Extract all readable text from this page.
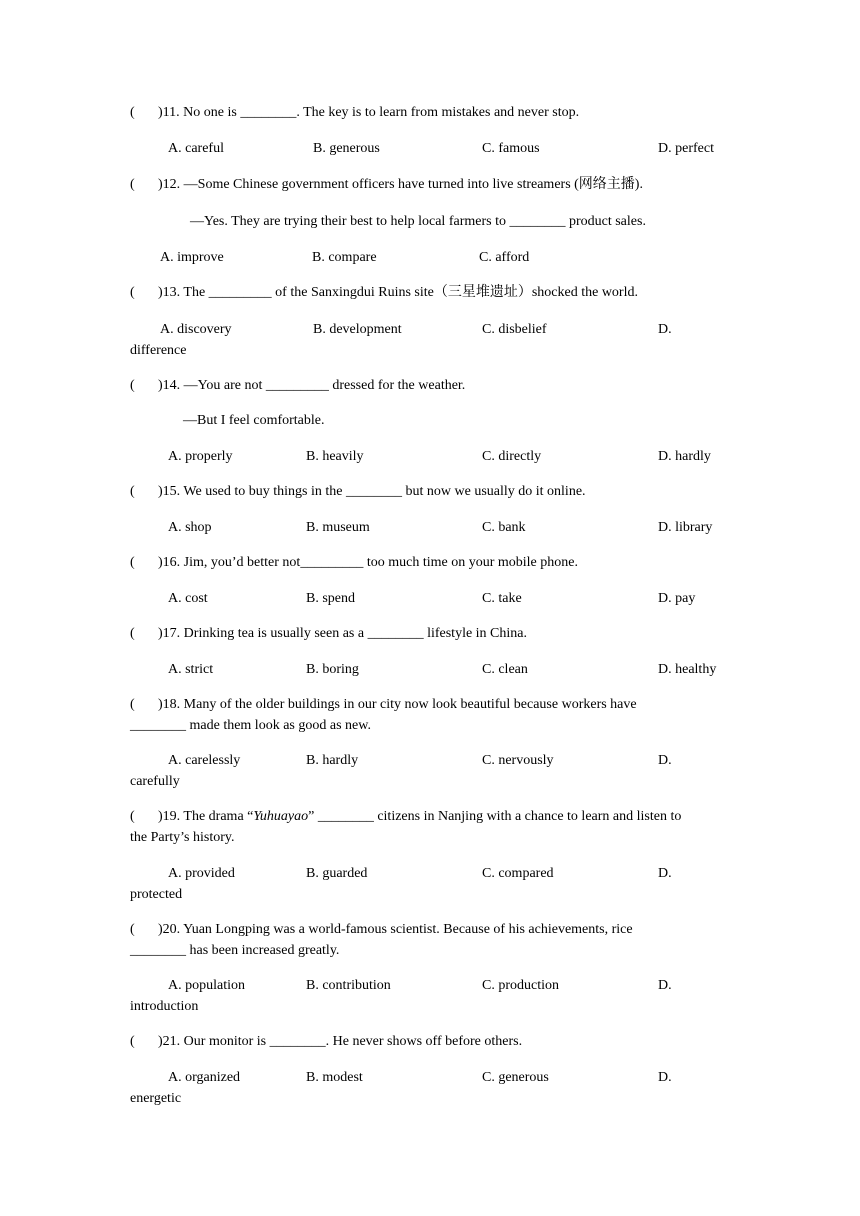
( )11. No one is ________. The key is to learn from mistakes and never stop.
A. careful	B. generous	C. famous	D. perfect
( )12. —Some Chinese government officers have turned into live streamers (网络主播).
—Yes. They are trying their best to help local farmers to ________ product sales.
A. improve	B. compare	C. afford
( )13. The _________ of the Sanxingdui Ruins site（三星堆遗址）shocked the world.
A. discovery	B. development	C. disbelief	D.
difference
( )14. —You are not _________ dressed for the weather.
—But I feel comfortable.
A. properly	B. heavily	C. directly	D. hardly
( )15. We used to buy things in the ________ but now we usually do it online.
A. shop	B. museum	C. bank	D. library
( )16. Jim, you’d better not_________ too much time on your mobile phone.
A. cost	B. spend	C. take	D. pay
( )17. Drinking tea is usually seen as a ________ lifestyle in China.
A. strict	B. boring	C. clean	D. healthy
( )18. Many of the older buildings in our city now look beautiful because workers have
________ made them look as good as new.
A. carelessly	B. hardly	C. nervously	D.
carefully
( )19. The drama “Yuhuayao” ________ citizens in Nanjing with a chance to learn and listen to
the Party’s history.
A. provided	B. guarded	C. compared	D.
protected
( )20. Yuan Longping was a world-famous scientist. Because of his achievements, rice
________ has been increased greatly.
A. population	B. contribution	C. production	D.
introduction
( )21. Our monitor is ________. He never shows off before others.
A. organized	B. modest	C. generous	D.
energetic
